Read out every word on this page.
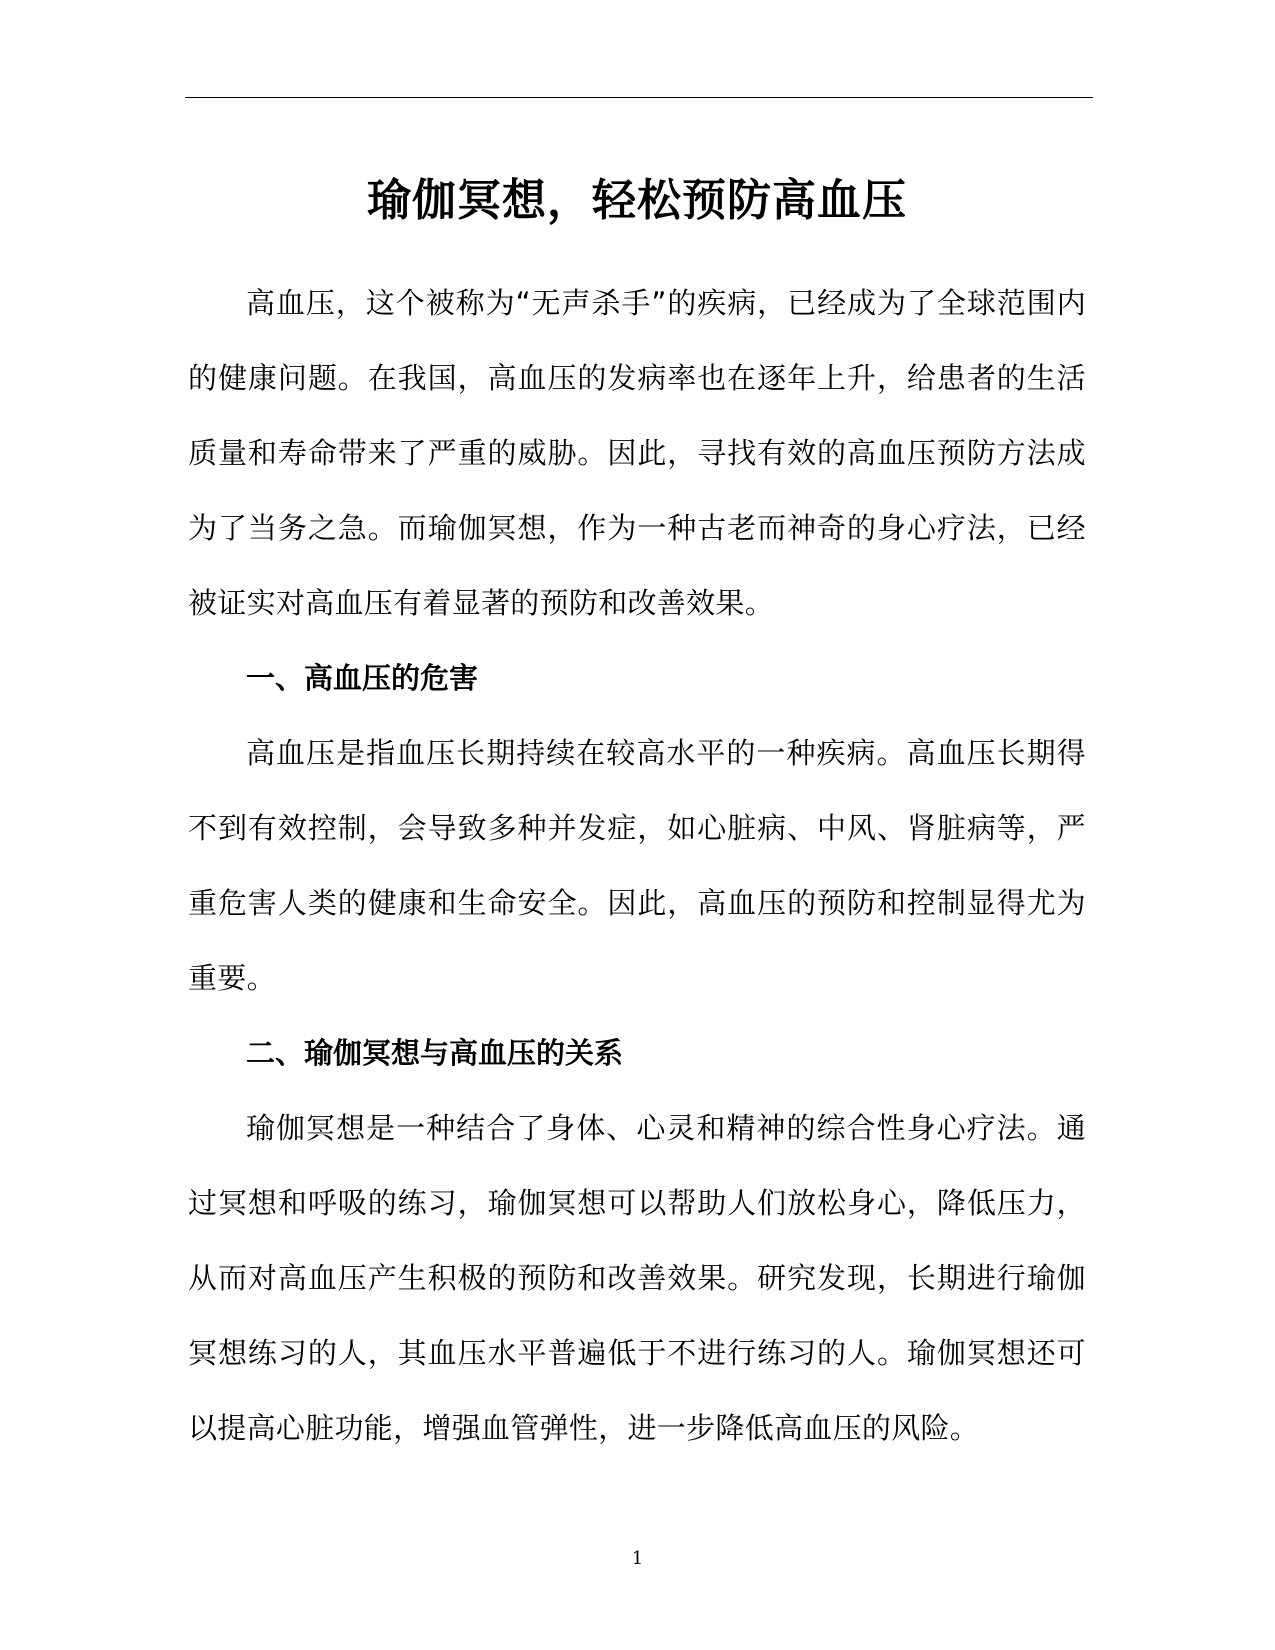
瑜伽冥想，轻松预防高血压

高血压，这个被称为“无声杀手”的疾病，已经成为了全球范围内的健康问题。在我国，高血压的发病率也在逐年上升，给患者的生活质量和寿命带来了严重的威胁。因此，寻找有效的高血压预防方法成为了当务之急。而瑜伽冥想，作为一种古老而神奇的身心疗法，已经被证实对高血压有着显著的预防和改善效果。

一、高血压的危害

高血压是指血压长期持续在较高水平的一种疾病。高血压长期得不到有效控制，会导致多种并发症，如心脏病、中风、肾脏病等，严重危害人类的健康和生命安全。因此，高血压的预防和控制显得尤为重要。

二、瑜伽冥想与高血压的关系

瑜伽冥想是一种结合了身体、心灵和精神的综合性身心疗法。通过冥想和呼吸的练习，瑜伽冥想可以帮助人们放松身心，降低压力，从而对高血压产生积极的预防和改善效果。研究发现，长期进行瑜伽冥想练习的人，其血压水平普遍低于不进行练习的人。瑜伽冥想还可以提高心脏功能，增强血管弹性，进一步降低高血压的风险。

1
